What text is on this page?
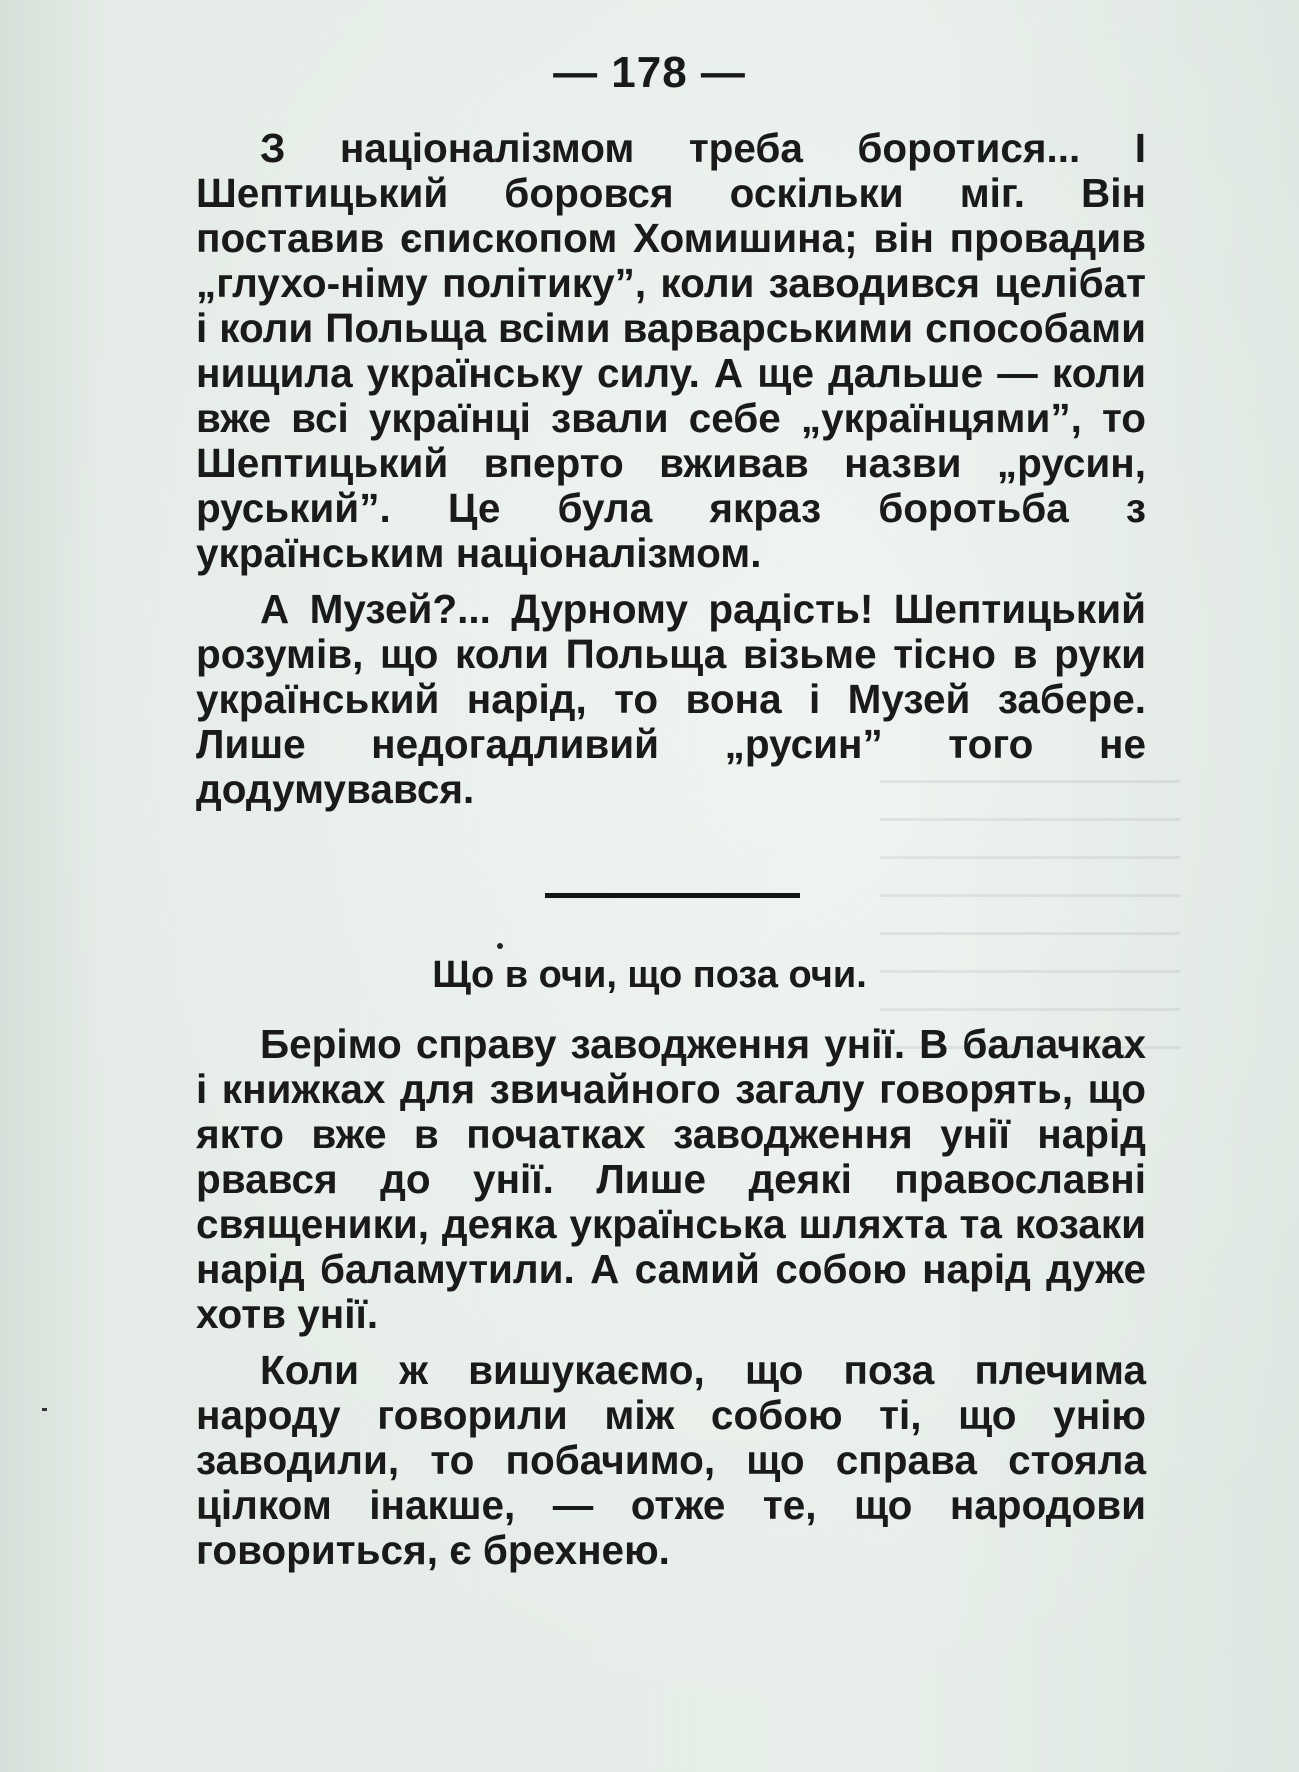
— 178 —

З націоналізмом треба боротися... І Шептицький боровся оскільки міг. Він поставив єпископом Хомишина; він провадив „глухо-німу політику”, коли заводився целібат і коли Польща всіми варварськими способами нищила українську силу. А ще дальше — коли вже всі українці звали себе „українцями”, то Шептицький вперто вживав назви „русин, руський”. Це була якраз боротьба з українським націоналізмом.

А Музей?... Дурному радість! Шептицький розумів, що коли Польща візьме тісно в руки український нарід, то вона і Музей забере. Лише недогадливий „русин” того не додумувався.

Що в очи, що поза очи.

Берімо справу заводження унії. В балачках і книжках для звичайного загалу говорять, що якто вже в початках заводження унії нарід рвався до унії. Лише деякі православні священики, деяка українська шляхта та козаки нарід баламутили. А самий собою нарід дуже хотв унії.

Коли ж вишукаємо, що поза плечима народу говорили між собою ті, що унію заводили, то побачимо, що справа стояла цілком інакше, — отже те, що народови говориться, є брехнею.
